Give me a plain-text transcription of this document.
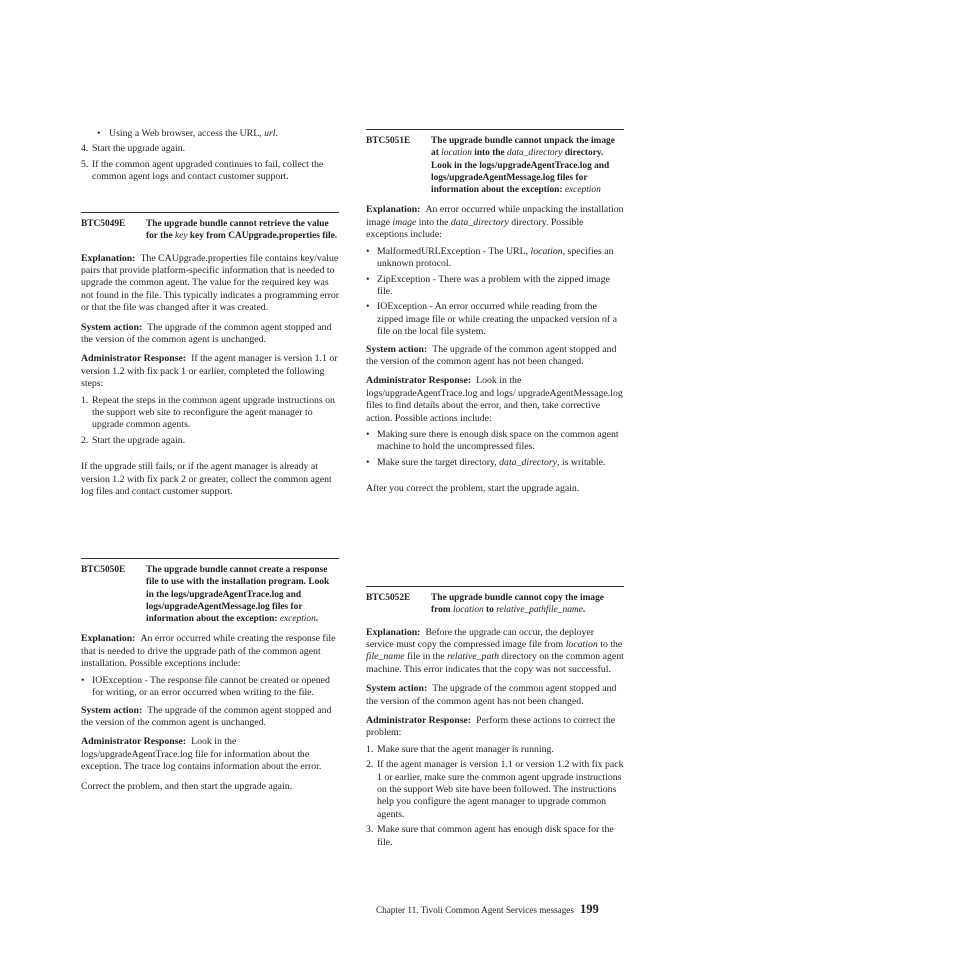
• Using a Web browser, access the URL, url.
4. Start the upgrade again.
5. If the common agent upgraded continues to fail, collect the common agent logs and contact customer support.
BTC5049E	The upgrade bundle cannot retrieve the value for the key key from CAUpgrade.properties file.

Explanation: The CAUpgrade.properties file contains key/value pairs that provide platform-specific information that is needed to upgrade the common agent. The value for the required key was not found in the file. This typically indicates a programming error or that the file was changed after it was created.

System action: The upgrade of the common agent stopped and the version of the common agent is unchanged.

Administrator Response: If the agent manager is version 1.1 or version 1.2 with fix pack 1 or earlier, completed the following steps:

1. Repeat the steps in the common agent upgrade instructions on the support web site to reconfigure the agent manager to upgrade common agents.
2. Start the upgrade again.

If the upgrade still fails, or if the agent manager is already at version 1.2 with fix pack 2 or greater, collect the common agent log files and contact customer support.

BTC5050E	The upgrade bundle cannot create a response file to use with the installation program. Look in the logs/upgradeAgentTrace.log and logs/upgradeAgentMessage.log files for information about the exception: exception.

Explanation: An error occurred while creating the response file that is needed to drive the upgrade path of the common agent installation. Possible exceptions include:

• IOException - The response file cannot be created or opened for writing, or an error occurred when writing to the file.

System action: The upgrade of the common agent stopped and the version of the common agent is unchanged.

Administrator Response: Look in the logs/upgradeAgentTrace.log file for information about the exception. The trace log contains information about the error.

Correct the problem, and then start the upgrade again.

BTC5051E	The upgrade bundle cannot unpack the image at location into the data_directory directory. Look in the logs/upgradeAgentTrace.log and logs/upgradeAgentMessage.log files for information about the exception: exception

Explanation: An error occurred while unpacking the installation image image into the data_directory directory. Possible exceptions include:

• MalformedURLException - The URL, location, specifies an unknown protocol.
• ZipException - There was a problem with the zipped image file.
• IOException - An error occurred while reading from the zipped image file or while creating the unpacked version of a file on the local file system.

System action: The upgrade of the common agent stopped and the version of the common agent has not been changed.

Administrator Response: Look in the logs/upgradeAgentTrace.log and logs/ upgradeAgentMessage.log files to find details about the error, and then, take corrective action. Possible actions include:

• Making sure there is enough disk space on the common agent machine to hold the uncompressed files.
• Make sure the target directory, data_directory, is writable.

After you correct the problem, start the upgrade again.

BTC5052E	The upgrade bundle cannot copy the image from location to relative_pathfile_name.

Explanation: Before the upgrade can occur, the deployer service must copy the compressed image file from location to the file_name file in the relative_path directory on the common agent machine. This error indicates that the copy was not successful.

System action: The upgrade of the common agent stopped and the version of the common agent has not been changed.

Administrator Response: Perform these actions to correct the problem:

1. Make sure that the agent manager is running.
2. If the agent manager is version 1.1 or version 1.2 with fix pack 1 or earlier, make sure the common agent upgrade instructions on the support Web site have been followed. The instructions help you configure the agent manager to upgrade common agents.
3. Make sure that common agent has enough disk space for the file.
Chapter 11. Tivoli Common Agent Services messages 199
